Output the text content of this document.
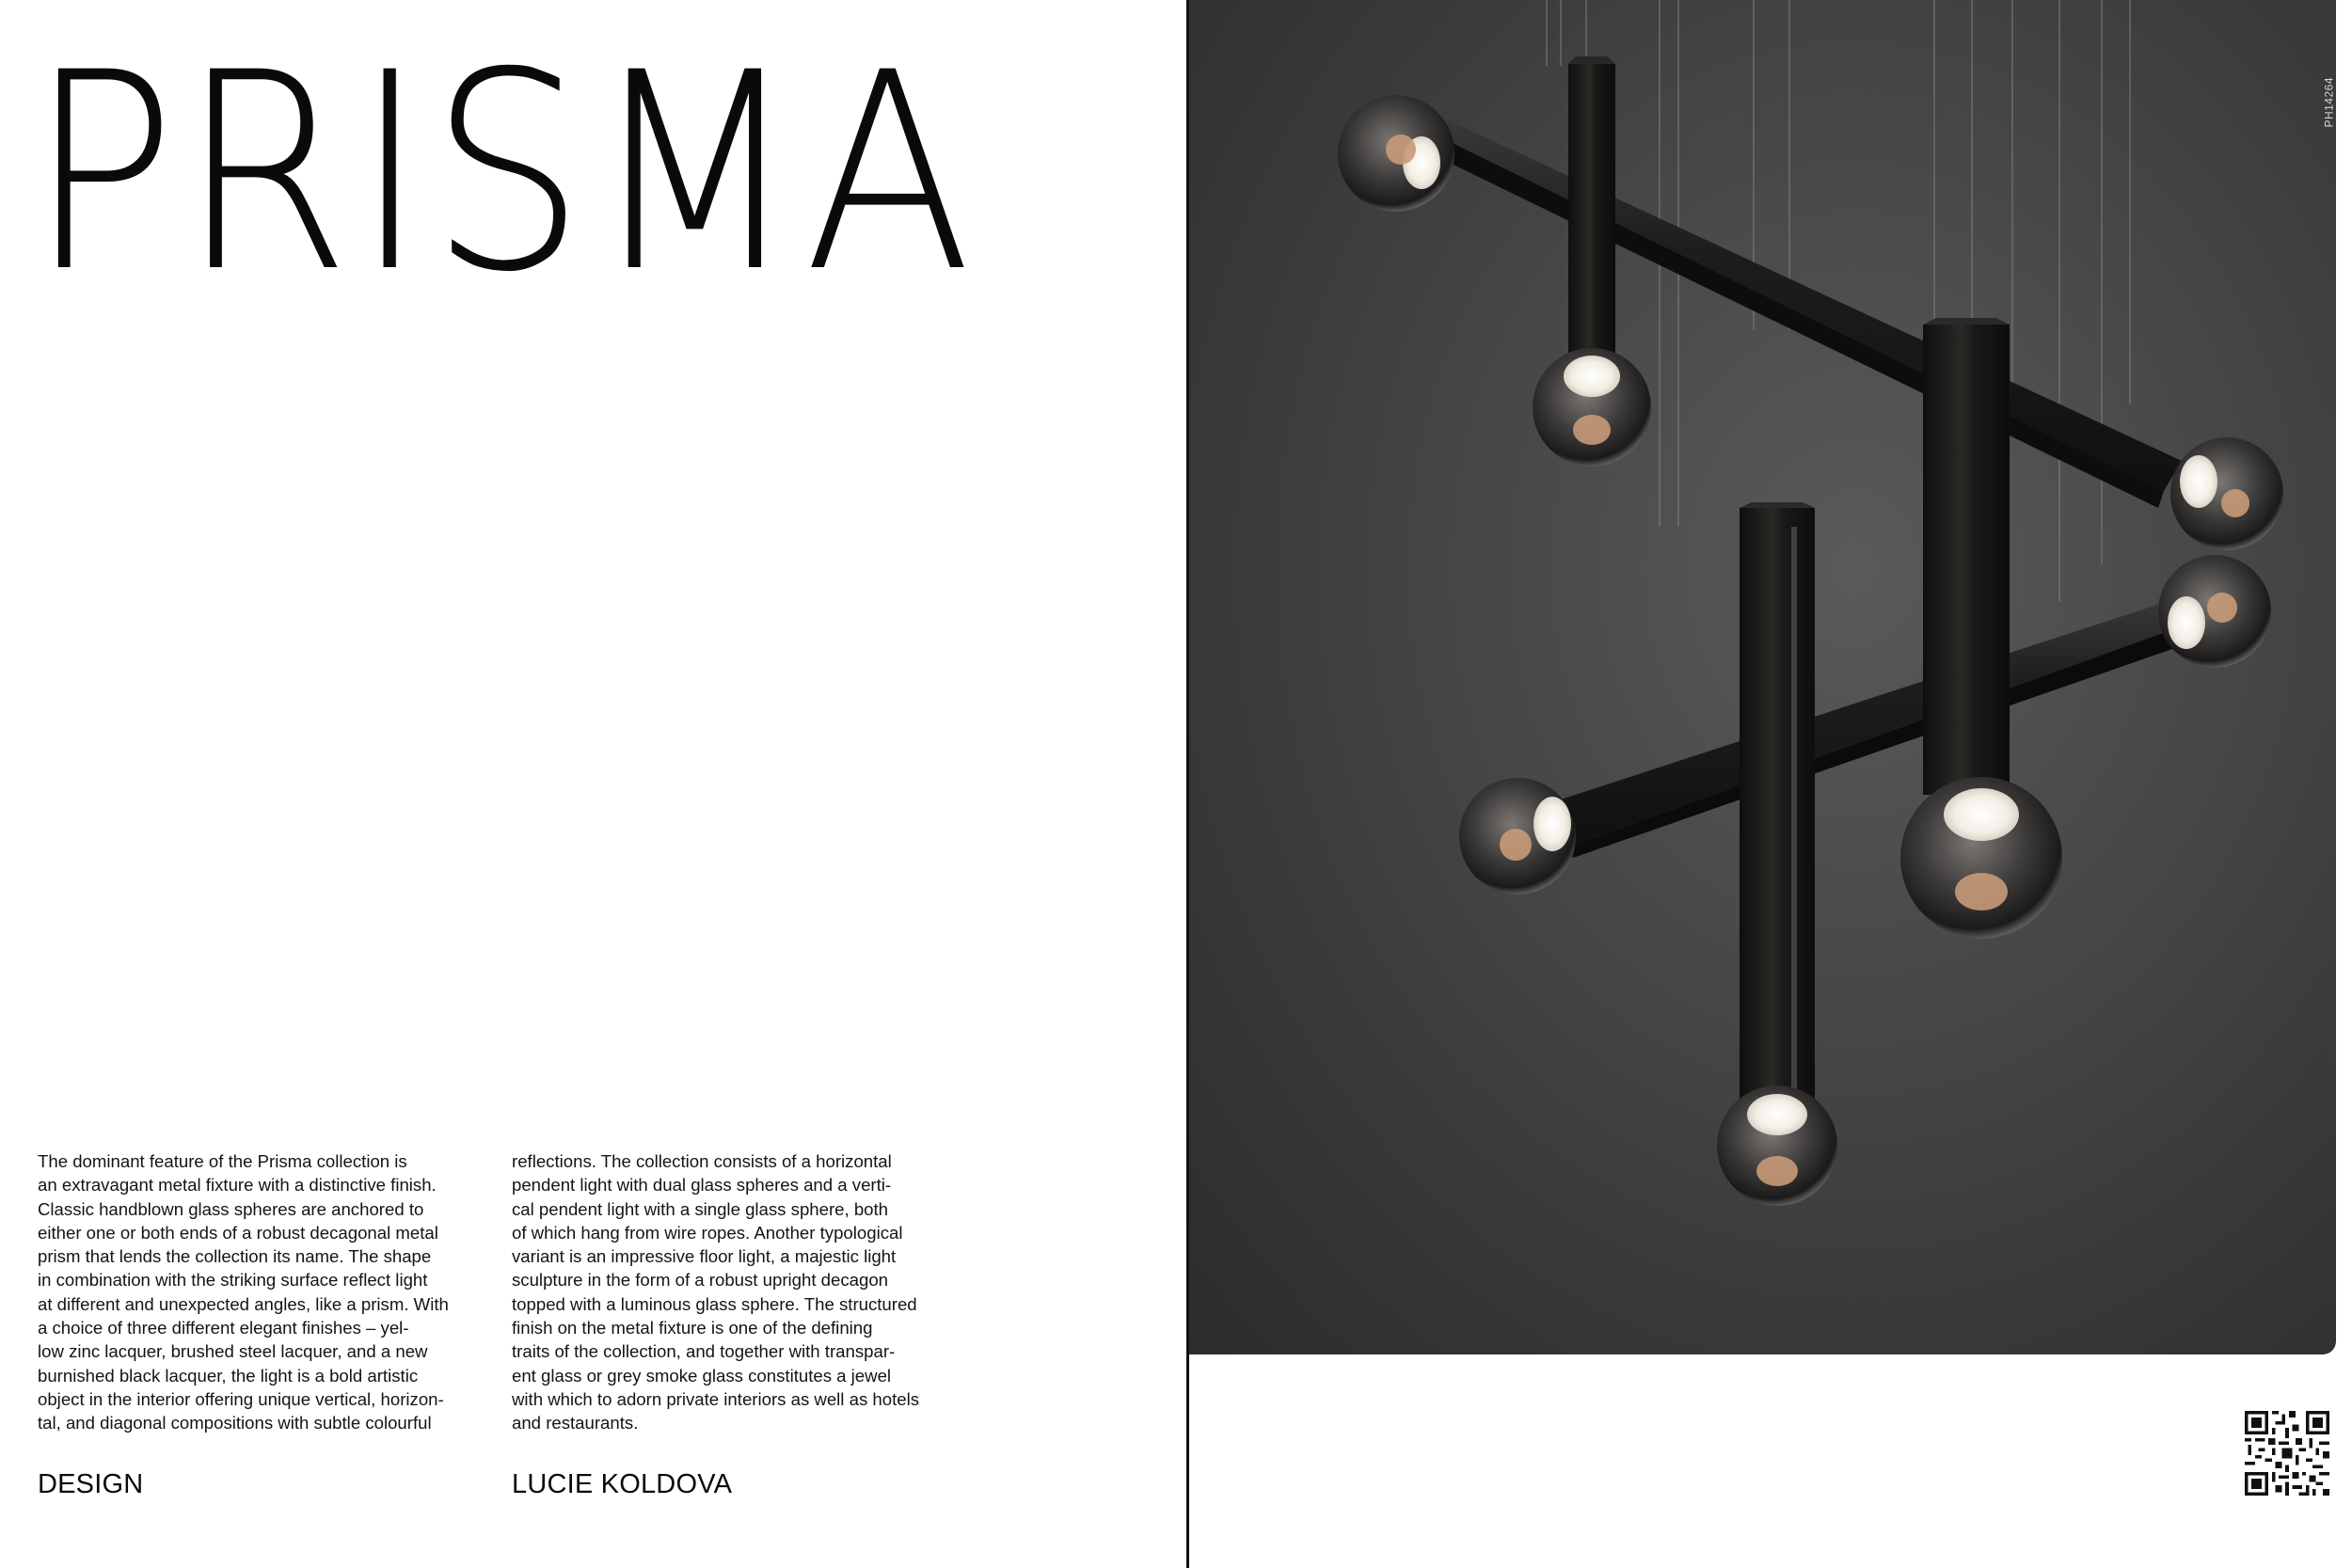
PRISMA
The dominant feature of the Prisma collection is
an extravagant metal fixture with a distinctive finish.
Classic handblown glass spheres are anchored to
either one or both ends of a robust decagonal metal
prism that lends the collection its name. The shape
in combination with the striking surface reflect light
at different and unexpected angles, like a prism. With
a choice of three different elegant finishes – yel-
low zinc lacquer, brushed steel lacquer, and a new
burnished black lacquer, the light is a bold artistic
object in the interior offering unique vertical, horizon-
tal, and diagonal compositions with subtle colourful
reflections. The collection consists of a horizontal
pendent light with dual glass spheres and a verti-
cal pendent light with a single glass sphere, both
of which hang from wire ropes. Another typological
variant is an impressive floor light, a majestic light
sculpture in the form of a robust upright decagon
topped with a luminous glass sphere. The structured
finish on the metal fixture is one of the defining
traits of the collection, and together with transpar-
ent glass or grey smoke glass constitutes a jewel
with which to adorn private interiors as well as hotels
and restaurants.
DESIGN	LUCIE KOLDOVA
PH14264
